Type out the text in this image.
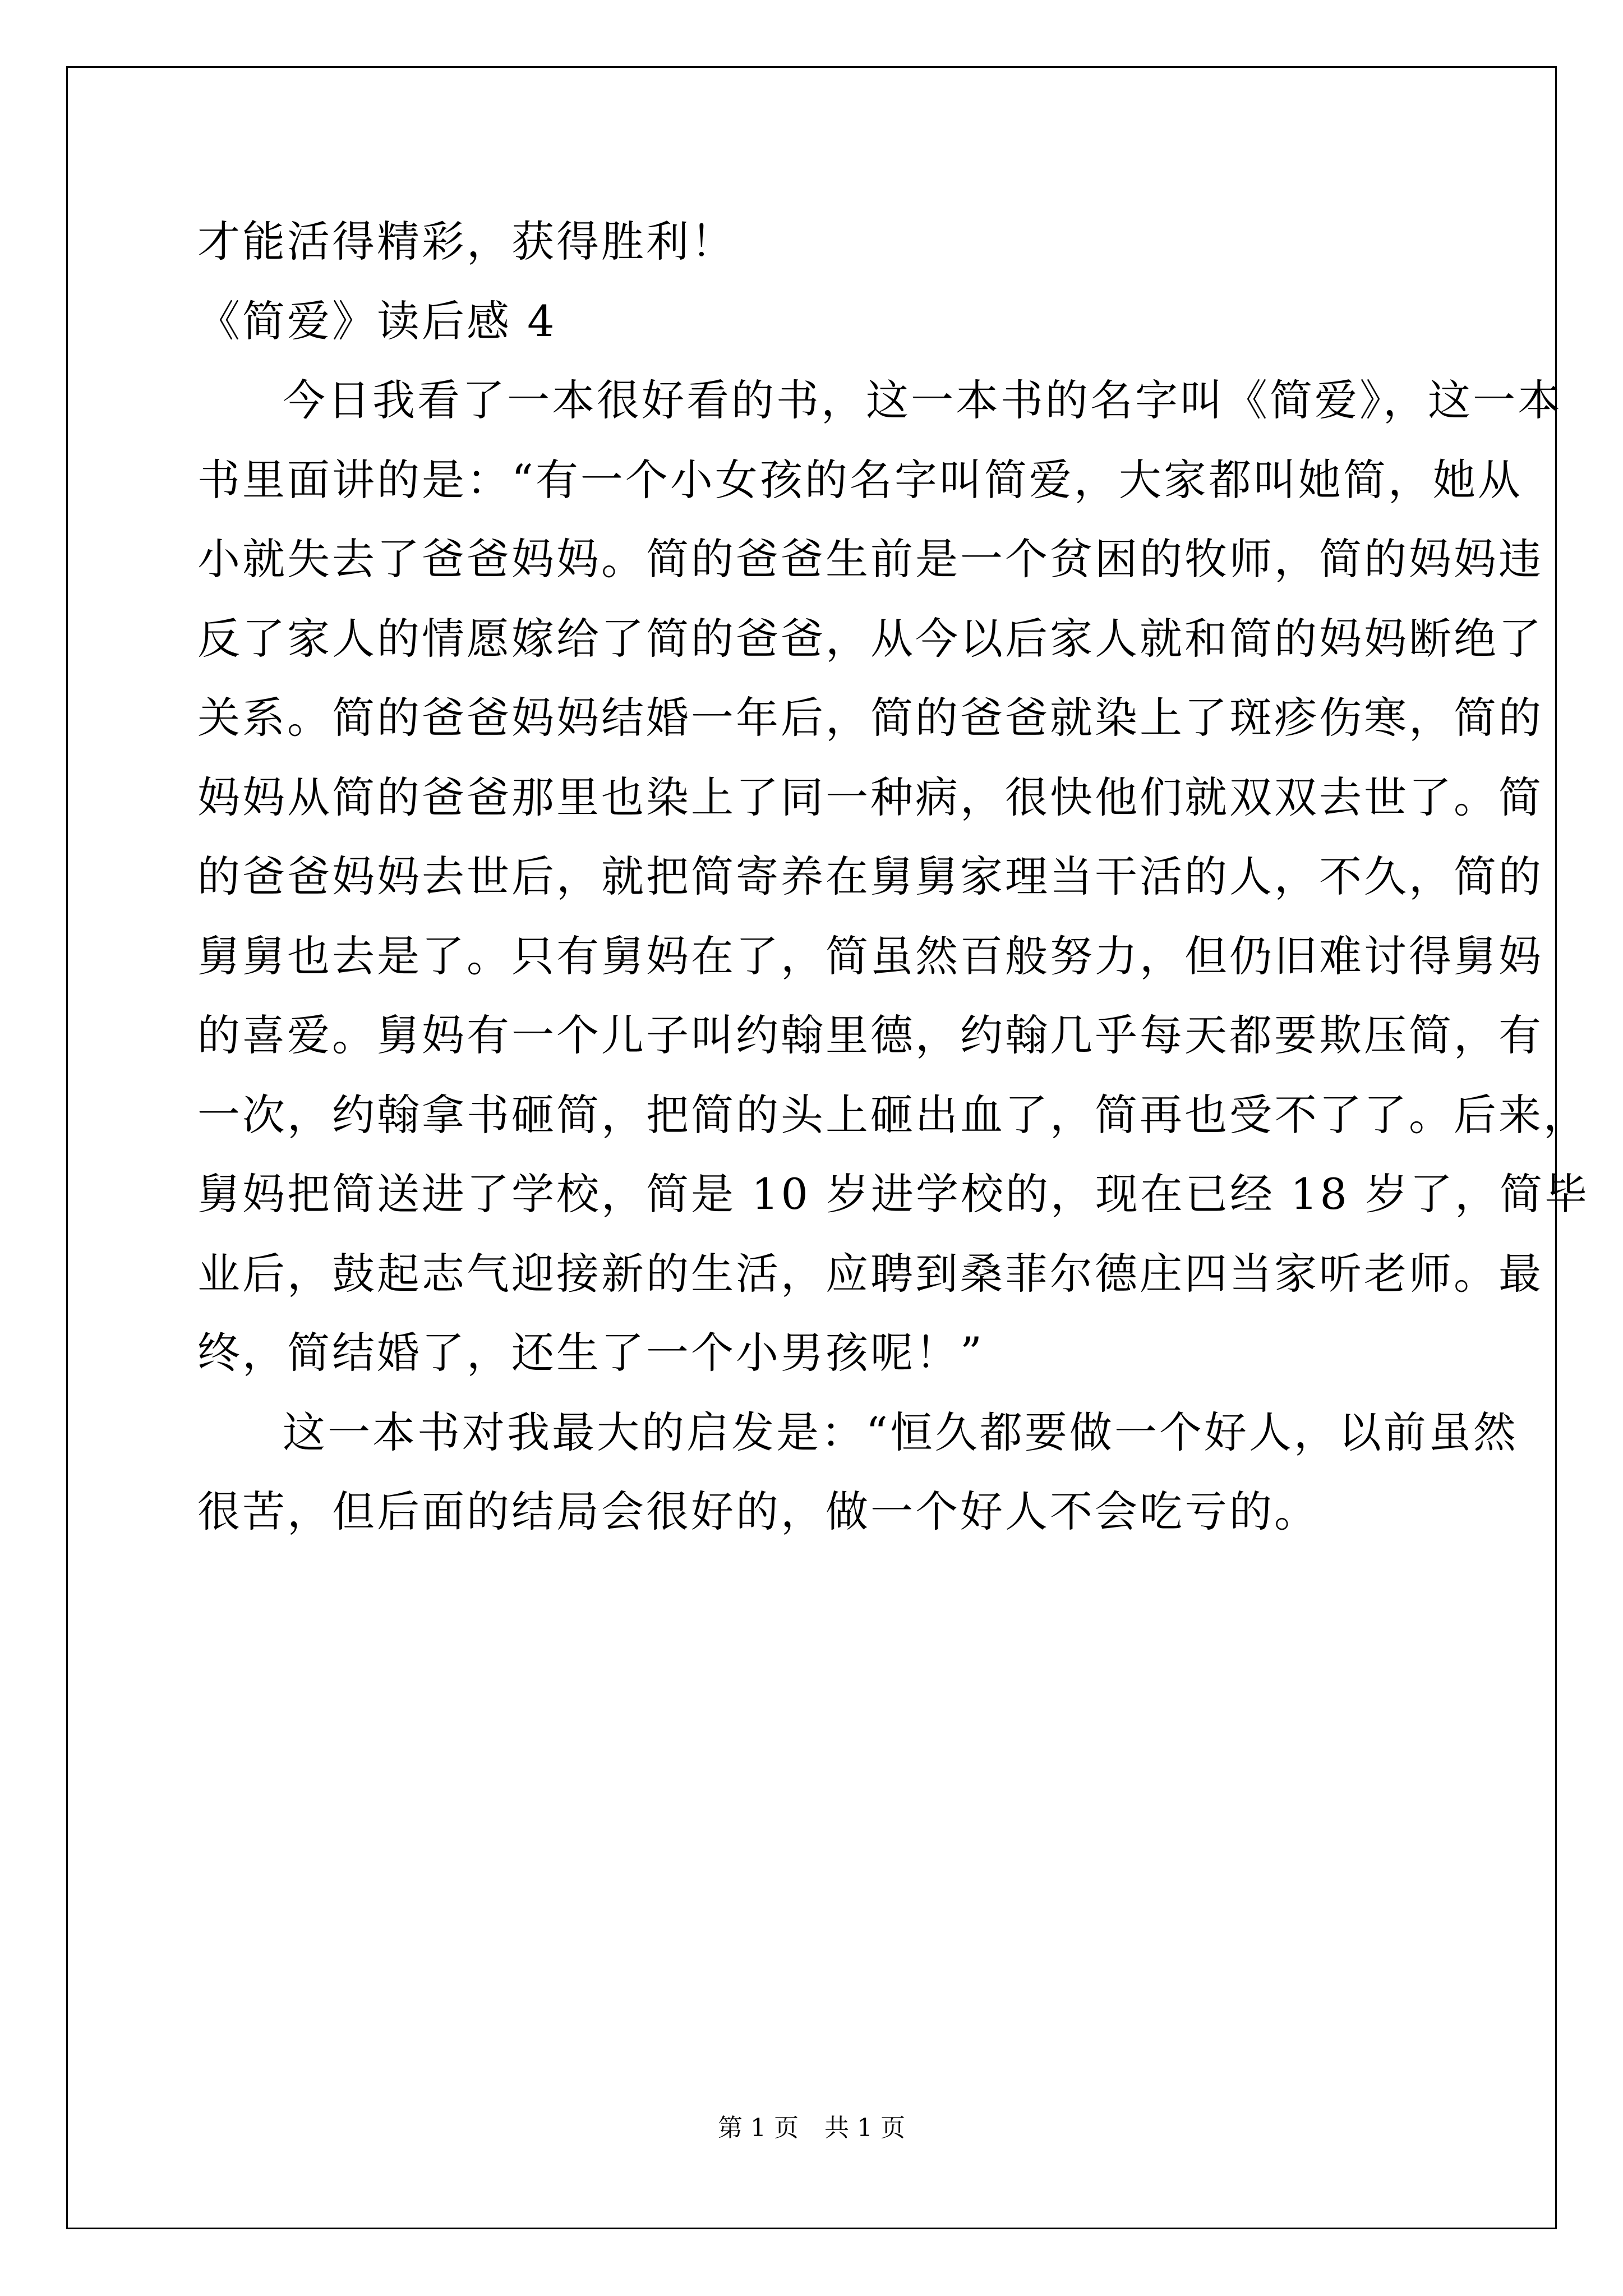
才能活得精彩，获得胜利！
《简爱》读后感 4
今日我看了一本很好看的书，这一本书的名字叫《简爱》，这一本
书里面讲的是：“有一个小女孩的名字叫简爱，大家都叫她简，她从
小就失去了爸爸妈妈。简的爸爸生前是一个贫困的牧师，简的妈妈违
反了家人的情愿嫁给了简的爸爸，从今以后家人就和简的妈妈断绝了
关系。简的爸爸妈妈结婚一年后，简的爸爸就染上了斑疹伤寒，简的
妈妈从简的爸爸那里也染上了同一种病，很快他们就双双去世了。简
的爸爸妈妈去世后，就把简寄养在舅舅家理当干活的人，不久，简的
舅舅也去是了。只有舅妈在了，简虽然百般努力，但仍旧难讨得舅妈
的喜爱。舅妈有一个儿子叫约翰里德，约翰几乎每天都要欺压简，有
一次，约翰拿书砸简，把简的头上砸出血了，简再也受不了了。后来，
舅妈把简送进了学校，简是 10 岁进学校的，现在已经 18 岁了，简毕
业后，鼓起志气迎接新的生活，应聘到桑菲尔德庄四当家听老师。最
终，简结婚了，还生了一个小男孩呢！”
这一本书对我最大的启发是：“恒久都要做一个好人，以前虽然
很苦，但后面的结局会很好的，做一个好人不会吃亏的。
第 1 页 共 1 页
